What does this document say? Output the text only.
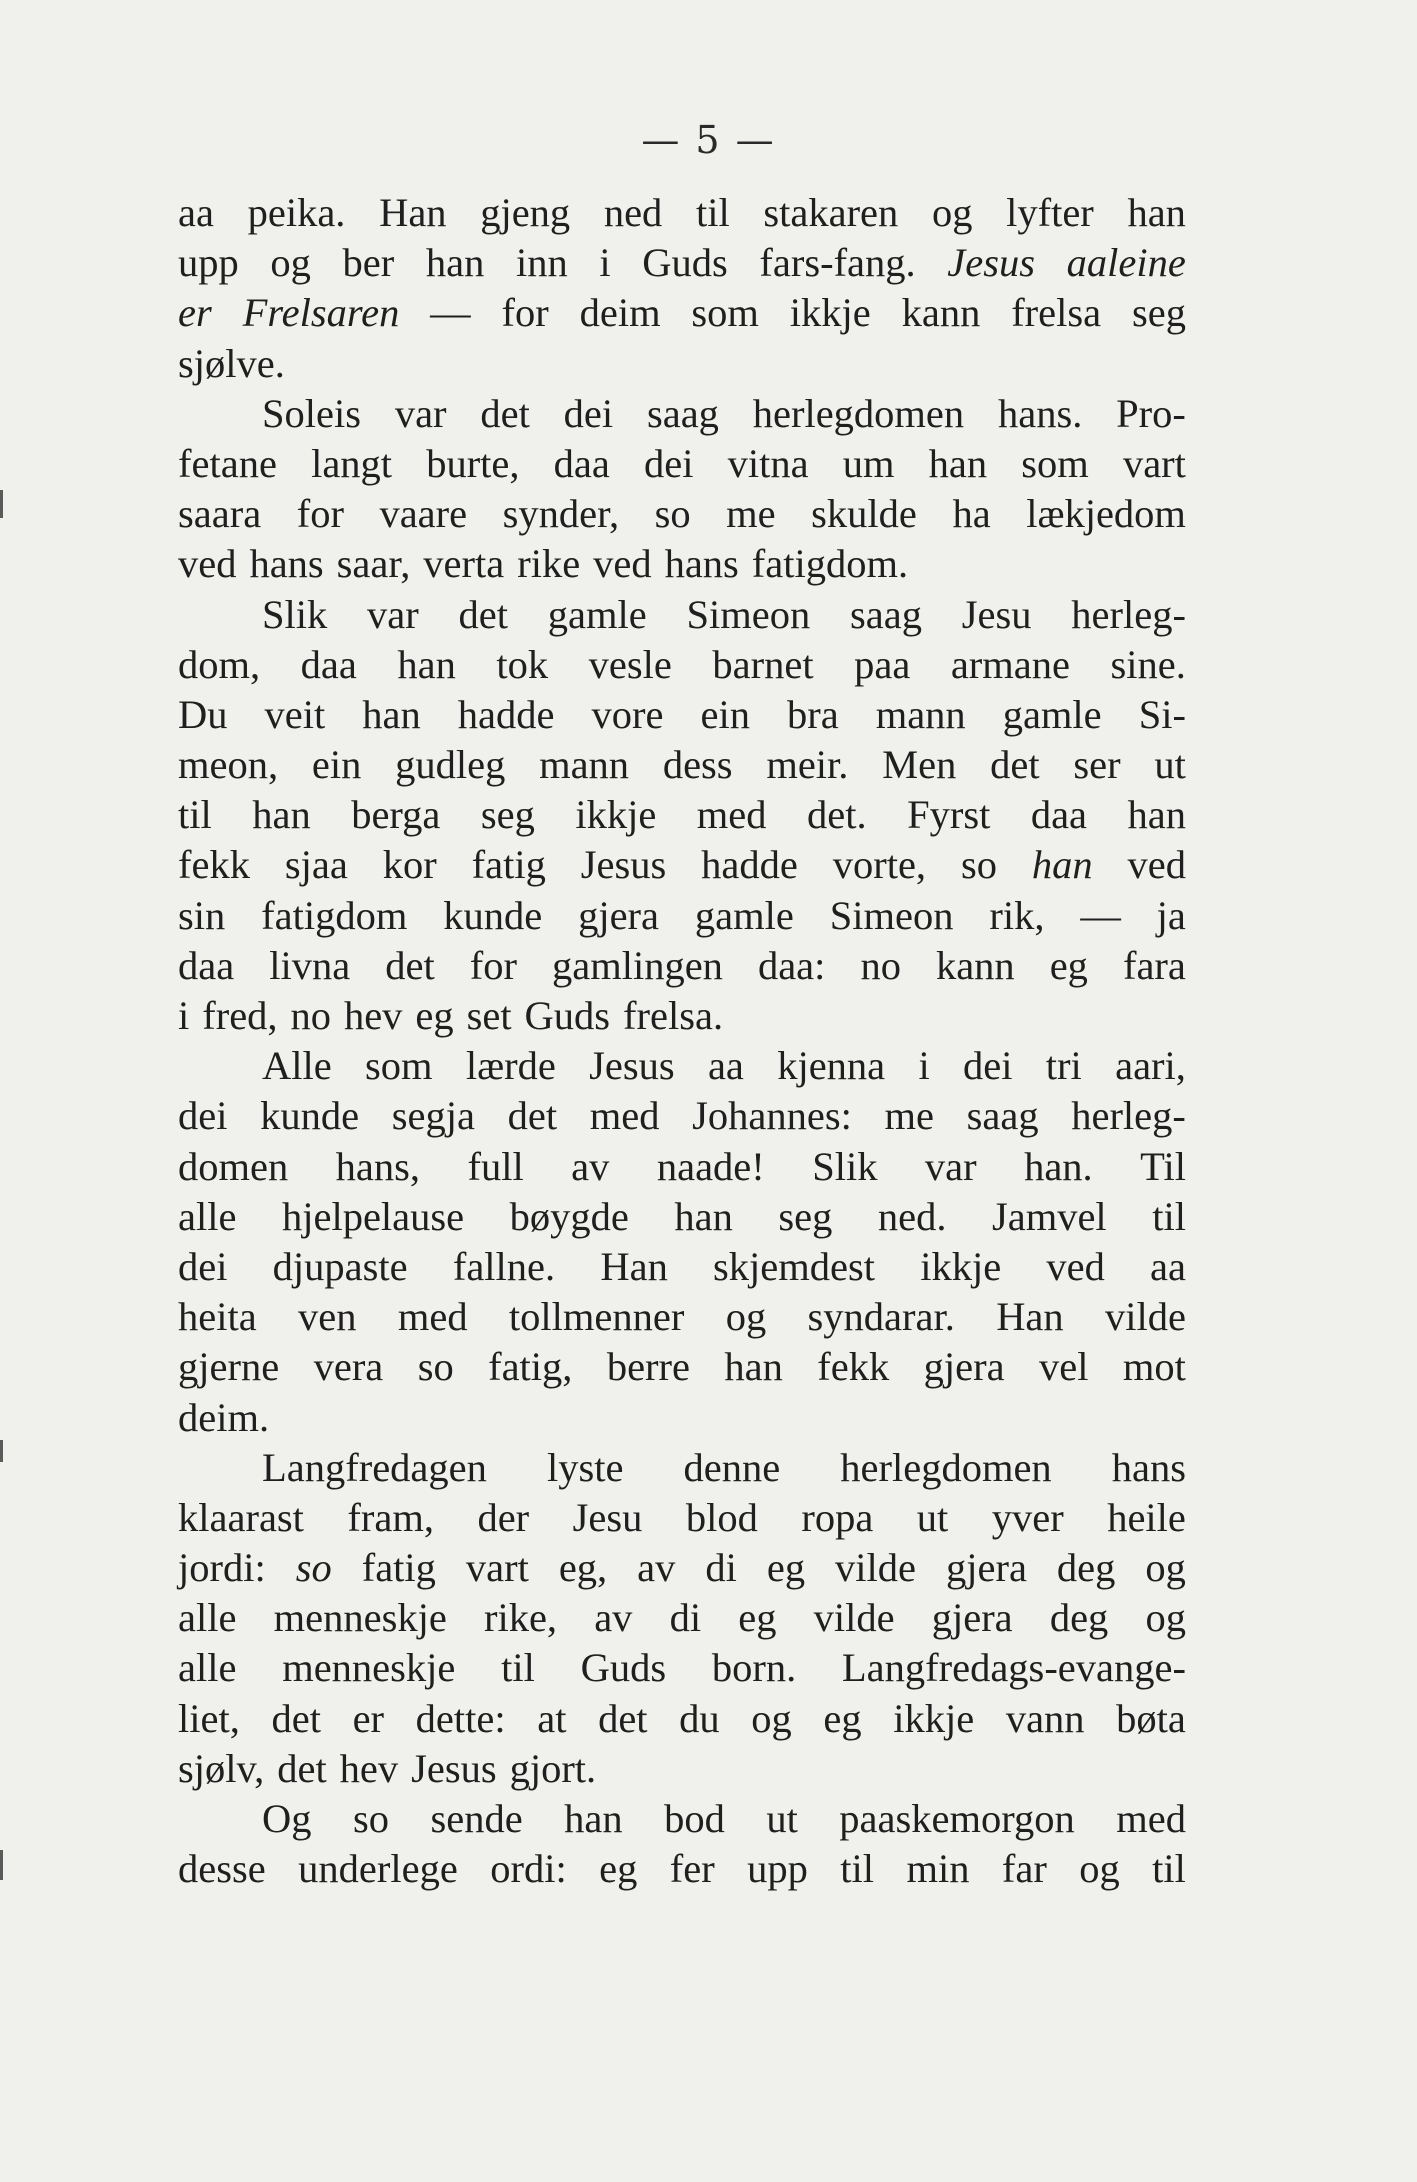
— 5 —
aa peika. Han gjeng ned til stakaren og lyfter han
upp og ber han inn i Guds fars-fang. Jesus aaleine
er Frelsaren — for deim som ikkje kann frelsa seg
sjølve.
Soleis var det dei saag herlegdomen hans. Pro-
fetane langt burte, daa dei vitna um han som vart
saara for vaare synder, so me skulde ha lækjedom
ved hans saar, verta rike ved hans fatigdom.
Slik var det gamle Simeon saag Jesu herleg-
dom, daa han tok vesle barnet paa armane sine.
Du veit han hadde vore ein bra mann gamle Si-
meon, ein gudleg mann dess meir. Men det ser ut
til han berga seg ikkje med det. Fyrst daa han
fekk sjaa kor fatig Jesus hadde vorte, so han ved
sin fatigdom kunde gjera gamle Simeon rik, — ja
daa livna det for gamlingen daa: no kann eg fara
i fred, no hev eg set Guds frelsa.
Alle som lærde Jesus aa kjenna i dei tri aari,
dei kunde segja det med Johannes: me saag herleg-
domen hans, full av naade! Slik var han. Til
alle hjelpelause bøygde han seg ned. Jamvel til
dei djupaste fallne. Han skjemdest ikkje ved aa
heita ven med tollmenner og syndarar. Han vilde
gjerne vera so fatig, berre han fekk gjera vel mot
deim.
Langfredagen lyste denne herlegdomen hans
klaarast fram, der Jesu blod ropa ut yver heile
jordi: so fatig vart eg, av di eg vilde gjera deg og
alle menneskje rike, av di eg vilde gjera deg og
alle menneskje til Guds born. Langfredags-evange-
liet, det er dette: at det du og eg ikkje vann bøta
sjølv, det hev Jesus gjort.
Og so sende han bod ut paaskemorgon med
desse underlege ordi: eg fer upp til min far og til
